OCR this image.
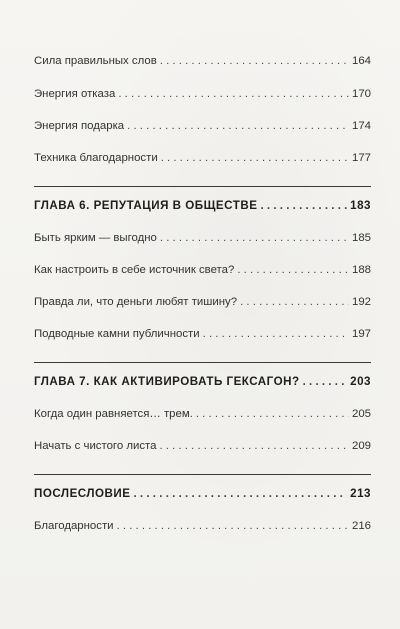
Сила правильных слов . . .	164
Энергия отказа . . .	170
Энергия подарка . . .	174
Техника благодарности . . .	177
ГЛАВА 6. РЕПУТАЦИЯ В ОБЩЕСТВЕ . . .	183
Быть ярким — выгодно . . .	185
Как настроить в себе источник света? . . .	188
Правда ли, что деньги любят тишину? . . .	192
Подводные камни публичности . . .	197
ГЛАВА 7. КАК АКТИВИРОВАТЬ ГЕКСАГОН? . . .	203
Когда один равняется… трем. . . .	205
Начать с чистого листа . . .	209
ПОСЛЕСЛОВИЕ . . .	213
Благодарности . . .	216
